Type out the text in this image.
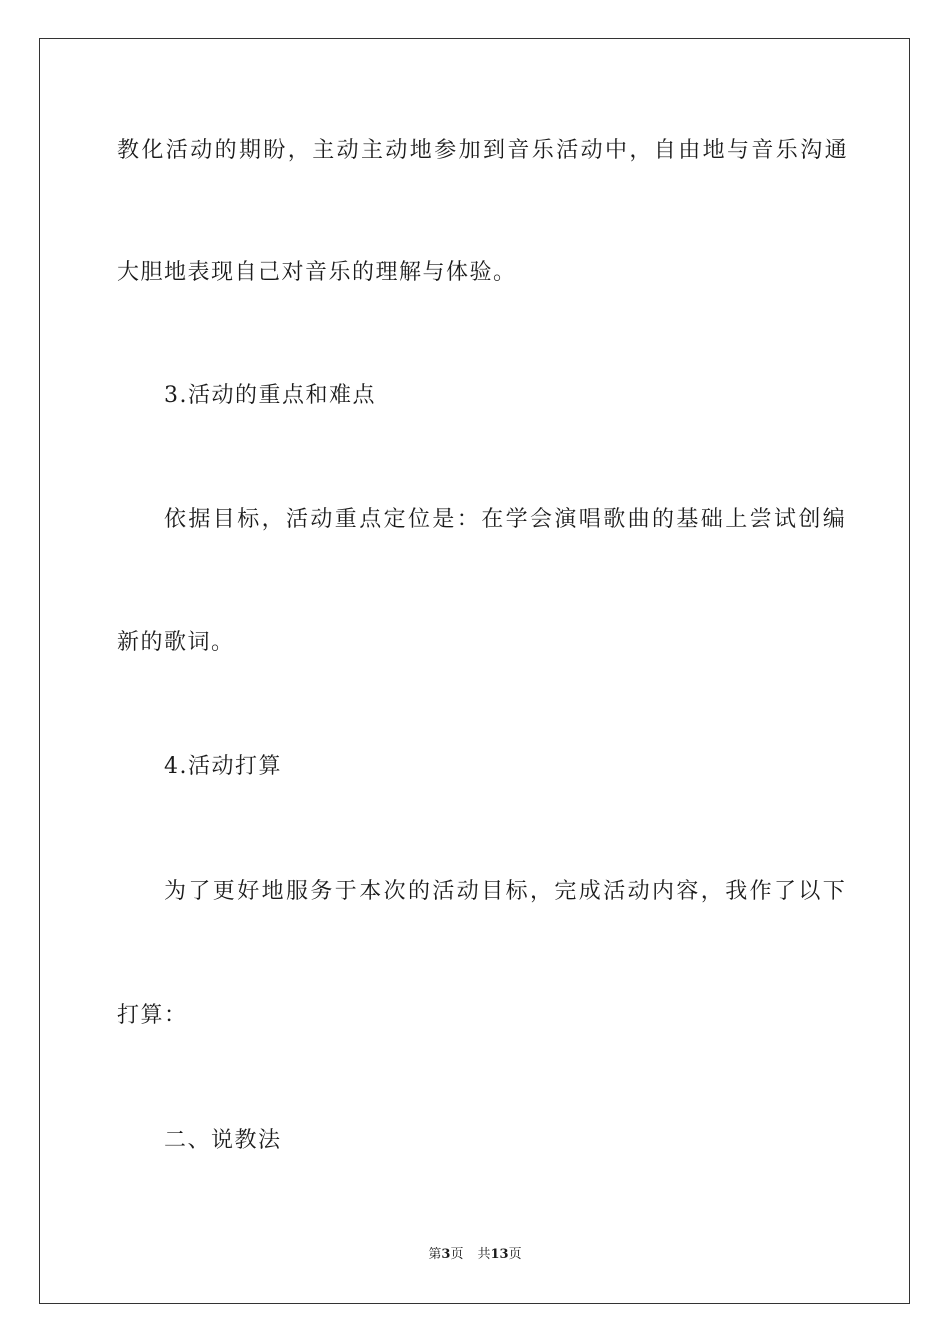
教化活动的期盼，主动主动地参加到音乐活动中，自由地与音乐沟通
大胆地表现自己对音乐的理解与体验。
3.活动的重点和难点
依据目标，活动重点定位是：在学会演唱歌曲的基础上尝试创编
新的歌词。
4.活动打算
为了更好地服务于本次的活动目标，完成活动内容，我作了以下
打算：
二、说教法
第3页 共13页
